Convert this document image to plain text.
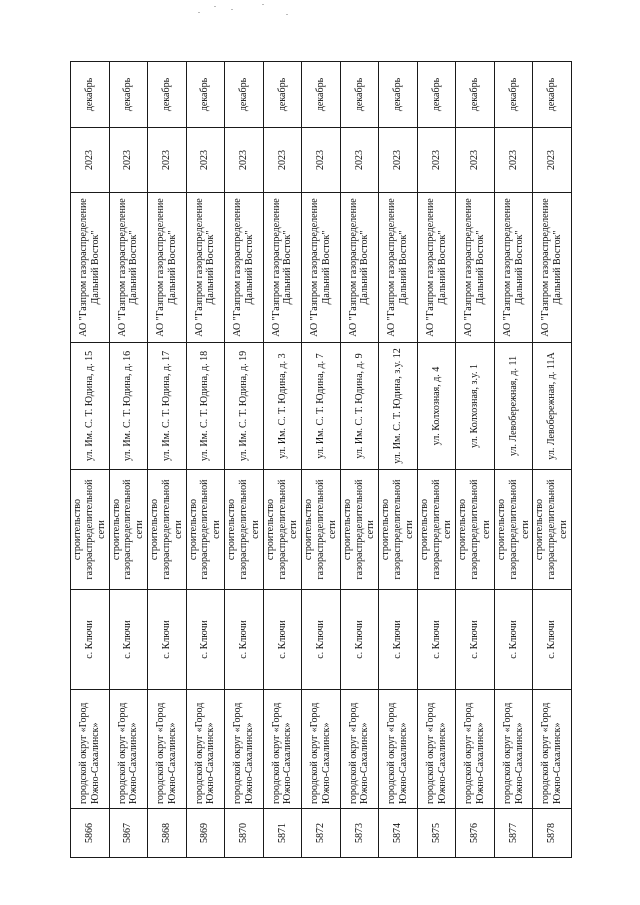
5866	городской округ «Город Южно-Сахалинск»	с. Ключи	строительство газораспределительной сети	ул. Им. С. Т. Юдина, д. 15	АО "Газпром газораспределение Дальний Восток"	2023	декабрь
5867	городской округ «Город Южно-Сахалинск»	с. Ключи	строительство газораспределительной сети	ул. Им. С. Т. Юдина, д. 16	АО "Газпром газораспределение Дальний Восток"	2023	декабрь
5868	городской округ «Город Южно-Сахалинск»	с. Ключи	строительство газораспределительной сети	ул. Им. С. Т. Юдина, д. 17	АО "Газпром газораспределение Дальний Восток"	2023	декабрь
5869	городской округ «Город Южно-Сахалинск»	с. Ключи	строительство газораспределительной сети	ул. Им. С. Т. Юдина, д. 18	АО "Газпром газораспределение Дальний Восток"	2023	декабрь
5870	городской округ «Город Южно-Сахалинск»	с. Ключи	строительство газораспределительной сети	ул. Им. С. Т. Юдина, д. 19	АО "Газпром газораспределение Дальний Восток"	2023	декабрь
5871	городской округ «Город Южно-Сахалинск»	с. Ключи	строительство газораспределительной сети	ул. Им. С. Т. Юдина, д. 3	АО "Газпром газораспределение Дальний Восток"	2023	декабрь
5872	городской округ «Город Южно-Сахалинск»	с. Ключи	строительство газораспределительной сети	ул. Им. С. Т. Юдина, д. 7	АО "Газпром газораспределение Дальний Восток"	2023	декабрь
5873	городской округ «Город Южно-Сахалинск»	с. Ключи	строительство газораспределительной сети	ул. Им. С. Т. Юдина, д. 9	АО "Газпром газораспределение Дальний Восток"	2023	декабрь
5874	городской округ «Город Южно-Сахалинск»	с. Ключи	строительство газораспределительной сети	ул. Им. С. Т. Юдина, з.у. 12	АО "Газпром газораспределение Дальний Восток"	2023	декабрь
5875	городской округ «Город Южно-Сахалинск»	с. Ключи	строительство газораспределительной сети	ул. Колхозная, д. 4	АО "Газпром газораспределение Дальний Восток"	2023	декабрь
5876	городской округ «Город Южно-Сахалинск»	с. Ключи	строительство газораспределительной сети	ул. Колхозная, з.у. 1	АО "Газпром газораспределение Дальний Восток"	2023	декабрь
5877	городской округ «Город Южно-Сахалинск»	с. Ключи	строительство газораспределительной сети	ул. Левобережная, д. 11	АО "Газпром газораспределение Дальний Восток"	2023	декабрь
5878	городской округ «Город Южно-Сахалинск»	с. Ключи	строительство газораспределительной сети	ул. Левобережная, д. 11А	АО "Газпром газораспределение Дальний Восток"	2023	декабрь
